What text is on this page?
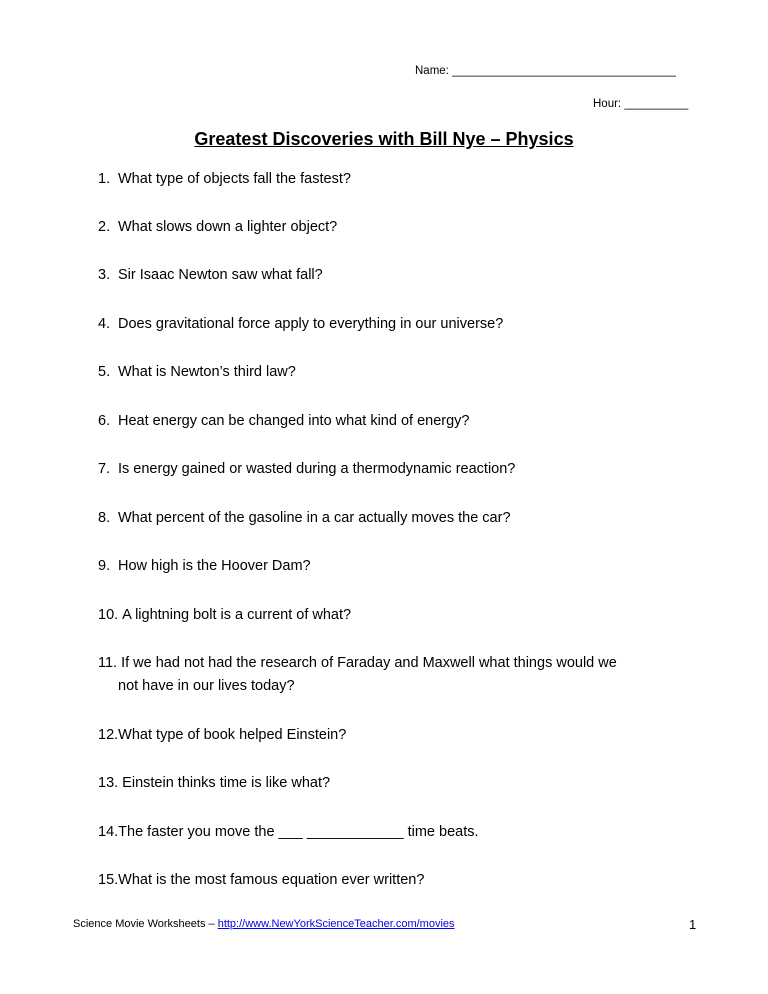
Name: ___________________________________
Hour: __________
Greatest Discoveries with Bill Nye – Physics
1. What type of objects fall the fastest?
2. What slows down a lighter object?
3. Sir Isaac Newton saw what fall?
4. Does gravitational force apply to everything in our universe?
5. What is Newton’s third law?
6. Heat energy can be changed into what kind of energy?
7. Is energy gained or wasted during a thermodynamic reaction?
8. What percent of the gasoline in a car actually moves the car?
9. How high is the Hoover Dam?
10. A lightning bolt is a current of what?
11. If we had not had the research of Faraday and Maxwell what things would we
not have in our lives today?
12.What type of book helped Einstein?
13. Einstein thinks time is like what?
14.The faster you move the ___ ____________ time beats.
15.What is the most famous equation ever written?
Science Movie Worksheets – http://www.NewYorkScienceTeacher.com/movies	1
